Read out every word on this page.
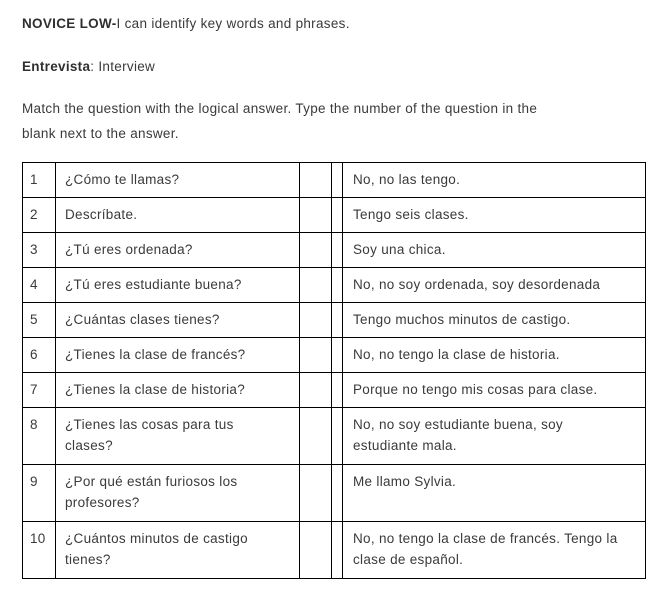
NOVICE LOW-I can identify key words and phrases.
Entrevista: Interview
Match the question with the logical answer. Type the number of the question in the
blank next to the answer.
1	¿Cómo te llamas?			No, no las tengo.
2	Descríbate.			Tengo seis clases.
3	¿Tú eres ordenada?			Soy una chica.
4	¿Tú eres estudiante buena?			No, no soy ordenada, soy desordenada
5	¿Cuántas clases tienes?			Tengo muchos minutos de castigo.
6	¿Tienes la clase de francés?			No, no tengo la clase de historia.
7	¿Tienes la clase de historia?			Porque no tengo mis cosas para clase.
8	¿Tienes las cosas para tus clases?			No, no soy estudiante buena, soy estudiante mala.
9	¿Por qué están furiosos los profesores?			Me llamo Sylvia.
10	¿Cuántos minutos de castigo tienes?			No, no tengo la clase de francés. Tengo la clase de español.
